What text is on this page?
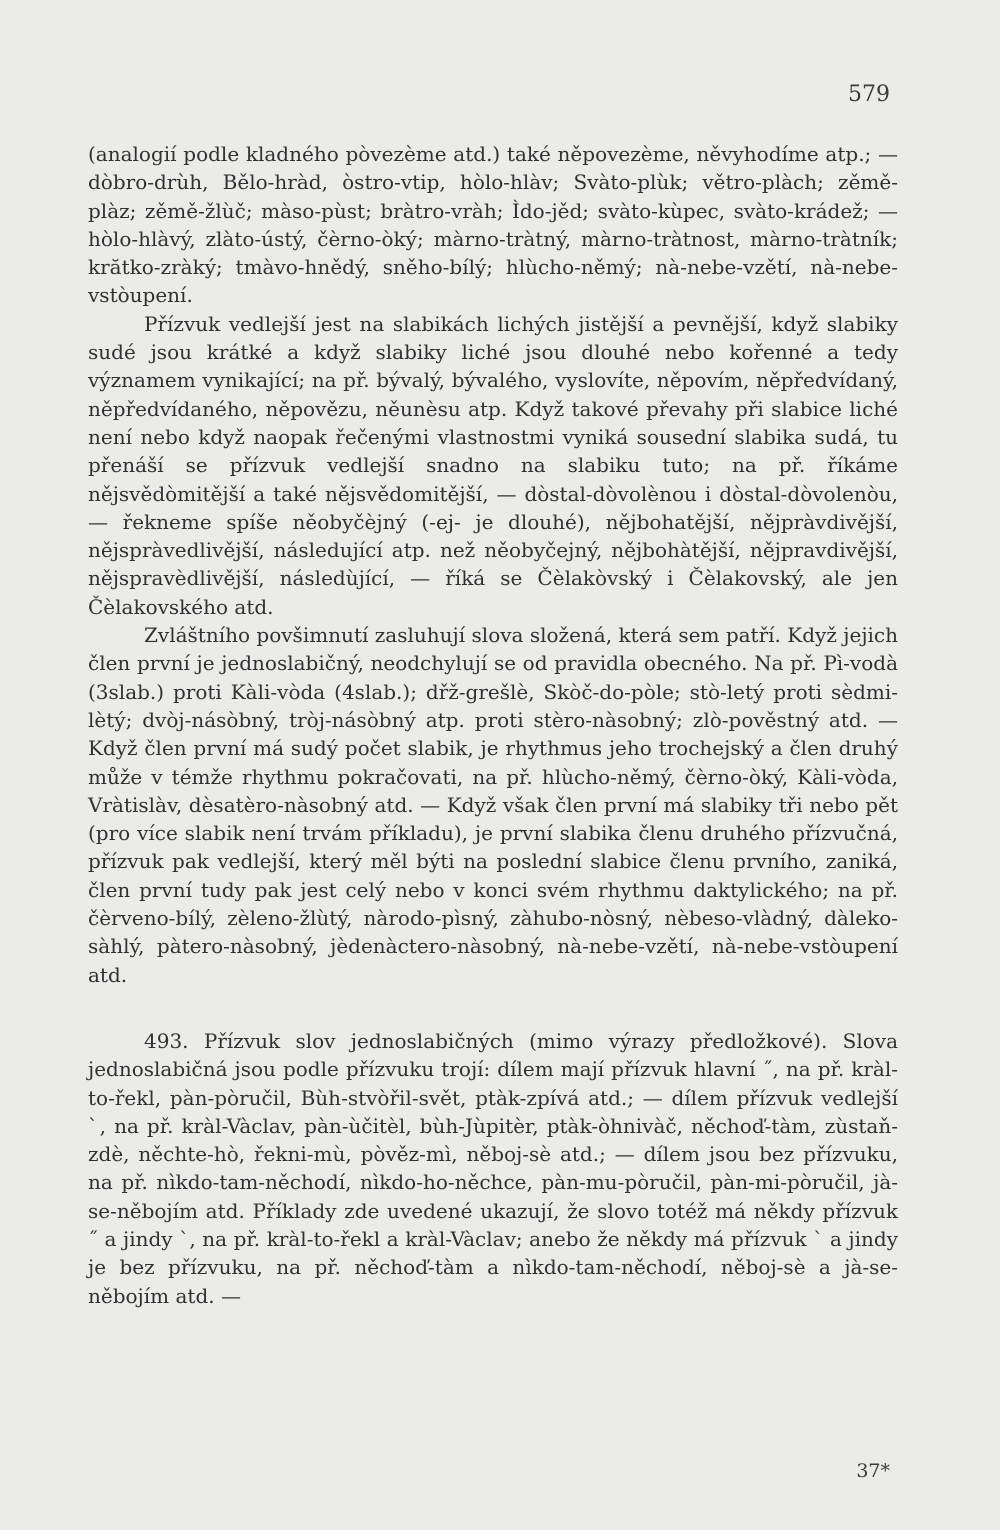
579

(analogií podle kladného pòvezème atd.) také něpovezème, něvyhodíme atp.; — dòbro-drùh, Bělo-hràd, òstro-vtip, hòlo-hlàv; Svàto-plùk; větro-plàch; zěmě-plàz; zěmě-žlùč; màso-pùst; bràtro-vràh; Ìdo-jěd; svàto-kùpec, svàto-krádež; — hòlo-hlàvý, zlàto-ústý, čèrno-òký; màrno-tràtný, màrno-tràtnost, màrno-tràtník; krătko-zràký; tmàvo-hnědý, sněho-bílý; hlùcho-němý; nà-nebe-vzětí, nà-nebe-vstòupení.

Přízvuk vedlejší jest na slabikách lichých jistější a pevnější, když slabiky sudé jsou krátké a když slabiky liché jsou dlouhé nebo kořenné a tedy významem vynikající; na př. bývalý, bývalého, vyslovíte, něpovím, něpředvídaný, něpředvídaného, něpovězu, něunèsu atp. Když takové převahy při slabice liché není nebo když naopak řečenými vlastnostmi vyniká sousední slabika sudá, tu přenáší se přízvuk vedlejší snadno na slabiku tuto; na př. říkáme nějsvědòmitější a také nějsvědomitější, — dòstal-dòvolènou i dòstal-dòvolenòu, — řekneme spíše něobyčèjný (-ej- je dlouhé), nějbohatější, nějpràvdivější, nějspràvedlivější, následující atp. než něobyčejný, nějbohàtější, nějpravdivější, nějspravèdlivější, následùjící, — říká se Čèlakòvský i Čèlakovský, ale jen Čèlakovského atd.

Zvláštního povšimnutí zasluhují slova složená, která sem patří. Když jejich člen první je jednoslabičný, neodchylují se od pravidla obecného. Na př. Pì-vodà (3slab.) proti Kàli-vòda (4slab.); dřž-grešlè, Skòč-do-pòle; stò-letý proti sèdmi-lètý; dvòj-násòbný, tròj-násòbný atp. proti stèro-nàsobný; zlò-pověstný atd. — Když člen první má sudý počet slabik, je rhythmus jeho trochejský a člen druhý může v témže rhythmu pokračovati, na př. hlùcho-němý, čèrno-òký, Kàli-vòda, Vràtislàv, dèsatèro-nàsobný atd. — Když však člen první má slabiky tři nebo pět (pro více slabik není trvám příkladu), je první slabika členu druhého přízvučná, přízvuk pak vedlejší, který měl býti na poslední slabice členu prvního, zaniká, člen první tudy pak jest celý nebo v konci svém rhythmu daktylického; na př. čèrveno-bílý, zèleno-žlùtý, nàrodo-pìsný, zàhubo-nòsný, nèbeso-vlàdný, dàleko-sàhlý, pàtero-nàsobný, jèdenàctero-nàsobný, nà-nebe-vzětí, nà-nebe-vstòupení atd.

493. Přízvuk slov jednoslabičných (mimo výrazy předložkové). Slova jednoslabičná jsou podle přízvuku trojí: dílem mají přízvuk hlavní ˝, na př. kràl-to-řekl, pàn-pòručil, Bùh-stvòřil-svět, ptàk-zpívá atd.; — dílem přízvuk vedlejší ˋ, na př. kràl-Vàclav, pàn-ùčitèl, bùh-Jùpitèr, ptàk-òhnivàč, něchoď-tàm, zùstaň-zdè, něchte-hò, řekni-mù, pòvěz-mì, něboj-sè atd.; — dílem jsou bez přízvuku, na př. nìkdo-tam-něchodí, nìkdo-ho-něchce, pàn-mu-pòručil, pàn-mi-pòručil, jà-se-něbojím atd. Příklady zde uvedené ukazují, že slovo totéž má někdy přízvuk ˝ a jindy ˋ, na př. kràl-to-řekl a kràl-Vàclav; anebo že někdy má přízvuk ˋ a jindy je bez přízvuku, na př. něchoď-tàm a nìkdo-tam-něchodí, něboj-sè a jà-se-něbojím atd. —

37*
